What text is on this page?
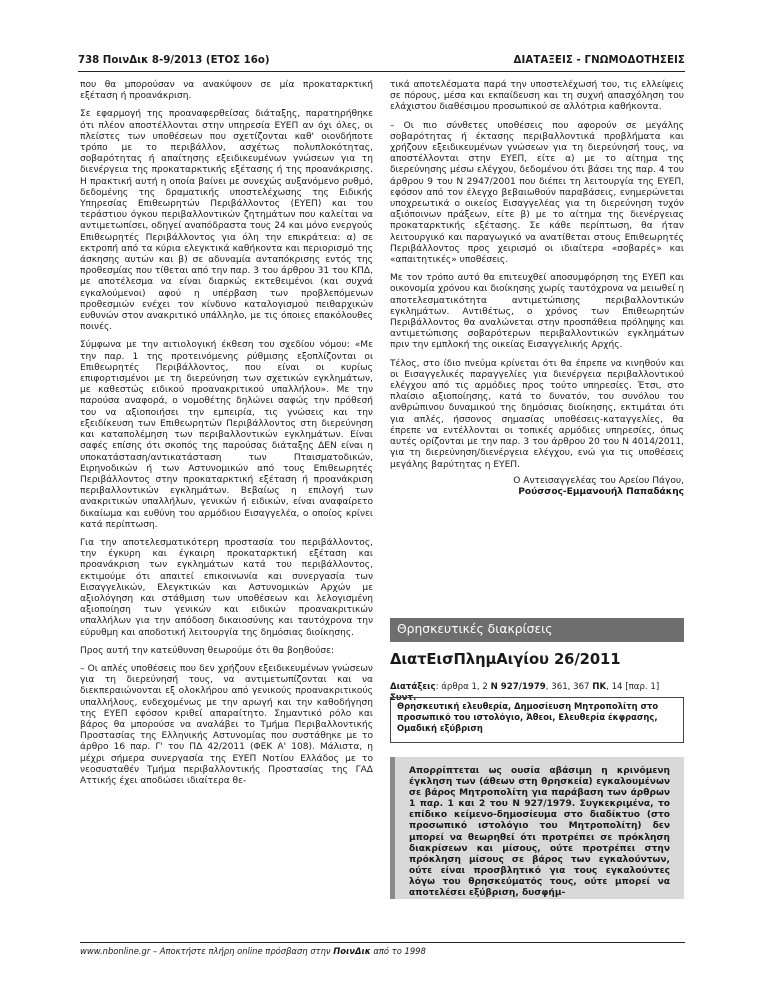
738 ΠοινΔικ 8-9/2013 (ΕΤΟΣ 16ο)	ΔΙΑΤΑΞΕΙΣ - ΓΝΩΜΟΔΟΤΗΣΕΙΣ

που θα μπορούσαν να ανακύψουν σε μία προκαταρκτική εξέταση ή προανάκριση.

Σε εφαρμογή της προαναφερθείσας διάταξης, παρατηρήθηκε ότι πλέον αποστέλλονται στην υπηρεσία ΕΥΕΠ αν όχι όλες, οι πλείστες των υποθέσεων που σχετίζονται καθ' οιονδήποτε τρόπο με το περιβάλλον, ασχέτως πολυπλοκότητας, σοβαρότητας ή απαίτησης εξειδικευμένων γνώσεων για τη διενέργεια της προκαταρκτικής εξέτασης ή της προανάκρισης. Η πρακτική αυτή η οποία βαίνει με συνεχώς αυξανόμενο ρυθμό, δεδομένης της δραματικής υποστελέχωσης της Ειδικής Υπηρεσίας Επιθεωρητών Περιβάλλοντος (ΕΥΕΠ) και του τεράστιου όγκου περιβαλλοντικών ζητημάτων που καλείται να αντιμετωπίσει, οδηγεί αναπόδραστα τους 24 και μόνο ενεργούς Επιθεωρητές Περιβάλλοντος για όλη την επικράτεια: α) σε εκτροπή από τα κύρια ελεγκτικά καθήκοντα και περιορισμό της άσκησης αυτών και β) σε αδυναμία ανταπόκρισης εντός της προθεσμίας που τίθεται από την παρ. 3 του άρθρου 31 του ΚΠΔ, με αποτέλεσμα να είναι διαρκώς εκτεθειμένοι (και συχνά εγκαλούμενοι) αφού η υπέρβαση των προβλεπόμενων προθεσμιών ενέχει τον κίνδυνο καταλογισμού πειθαρχικών ευθυνών στον ανακριτικό υπάλληλο, με τις όποιες επακόλουθες ποινές.

Σύμφωνα με την αιτιολογική έκθεση του σχεδίου νόμου: «Με την παρ. 1 της προτεινόμενης ρύθμισης εξοπλίζονται οι Επιθεωρητές Περιβάλλοντος, που είναι οι κυρίως επιφορτισμένοι με τη διερεύνηση των σχετικών εγκλημάτων, με καθεστώς ειδικού προανακριτικού υπαλλήλου». Με την παρούσα αναφορά, ο νομοθέτης δηλώνει σαφώς την πρόθεσή του να αξιοποιήσει την εμπειρία, τις γνώσεις και την εξειδίκευση των Επιθεωρητών Περιβάλλοντος στη διερεύνηση και καταπολέμηση των περιβαλλοντικών εγκλημάτων. Είναι σαφές επίσης ότι σκοπός της παρούσας διάταξης ΔΕΝ είναι η υποκατάσταση/αντικατάσταση των Πταισματοδικών, Ειρηνοδικών ή των Αστυνομικών από τους Επιθεωρητές Περιβάλλοντος στην προκαταρκτική εξέταση ή προανάκριση περιβαλλοντικών εγκλημάτων. Βεβαίως η επιλογή των ανακριτικών υπαλλήλων, γενικών ή ειδικών, είναι αναφαίρετο δικαίωμα και ευθύνη του αρμόδιου Εισαγγελέα, ο οποίος κρίνει κατά περίπτωση.

Για την αποτελεσματικότερη προστασία του περιβάλλοντος, την έγκυρη και έγκαιρη προκαταρκτική εξέταση και προανάκριση των εγκλημάτων κατά του περιβάλλοντος, εκτιμούμε ότι απαιτεί επικοινωνία και συνεργασία των Εισαγγελικών, Ελεγκτικών και Αστυνομικών Αρχών με αξιολόγηση και στάθμιση των υποθέσεων και λελογισμένη αξιοποίηση των γενικών και ειδικών προανακριτικών υπαλλήλων για την απόδοση δικαιοσύνης και ταυτόχρονα την εύρυθμη και αποδοτική λειτουργία της δημόσιας διοίκησης.

Προς αυτή την κατεύθυνση θεωρούμε ότι θα βοηθούσε:

– Οι απλές υποθέσεις που δεν χρήζουν εξειδικευμένων γνώσεων για τη διερεύνησή τους, να αντιμετωπίζονται και να διεκπεραιώνονται εξ ολοκλήρου από γενικούς προανακριτικούς υπαλλήλους, ενδεχομένως με την αρωγή και την καθοδήγηση της ΕΥΕΠ εφόσον κριθεί απαραίτητο. Σημαντικό ρόλο και βάρος θα μπορούσε να αναλάβει το Τμήμα Περιβαλλοντικής Προστασίας της Ελληνικής Αστυνομίας που συστάθηκε με το άρθρο 16 παρ. Γ' του ΠΔ 42/2011 (ΦΕΚ Α' 108). Μάλιστα, η μέχρι σήμερα συνεργασία της ΕΥΕΠ Νοτίου Ελλάδος με το νεοσυσταθέν Τμήμα περιβαλλοντικής Προστασίας της ΓΑΔ Αττικής έχει αποδώσει ιδιαίτερα θε-

τικά αποτελέσματα παρά την υποστελέχωσή του, τις ελλείψεις σε πόρους, μέσα και εκπαίδευση και τη συχνή απασχόληση του ελάχιστου διαθέσιμου προσωπικού σε αλλότρια καθήκοντα.

– Οι πιο σύνθετες υποθέσεις που αφορούν σε μεγάλης σοβαρότητας ή έκτασης περιβαλλοντικά προβλήματα και χρήζουν εξειδικευμένων γνώσεων για τη διερεύνησή τους, να αποστέλλονται στην ΕΥΕΠ, είτε α) με το αίτημα της διερεύνησης μέσω ελέγχου, δεδομένου ότι βάσει της παρ. 4 του άρθρου 9 του Ν 2947/2001 που διέπει τη λειτουργία της ΕΥΕΠ, εφόσον από τον έλεγχο βεβαιωθούν παραβάσεις, ενημερώνεται υποχρεωτικά ο οικείος Εισαγγελέας για τη διερεύνηση τυχόν αξιόποινων πράξεων, είτε β) με το αίτημα της διενέργειας προκαταρκτικής εξέτασης. Σε κάθε περίπτωση, θα ήταν λειτουργικό και παραγωγικό να ανατίθεται στους Επιθεωρητές Περιβάλλοντος προς χειρισμό οι ιδιαίτερα «σοβαρές» και «απαιτητικές» υποθέσεις.

Με τον τρόπο αυτό θα επιτευχθεί αποσυμφόρηση της ΕΥΕΠ και οικονομία χρόνου και διοίκησης χωρίς ταυτόχρονα να μειωθεί η αποτελεσματικότητα αντιμετώπισης περιβαλλοντικών εγκλημάτων. Αντιθέτως, ο χρόνος των Επιθεωρητών Περιβάλλοντος θα αναλώνεται στην προσπάθεια πρόληψης και αντιμετώπισης σοβαρότερων περιβαλλοντικών εγκλημάτων πριν την εμπλοκή της οικείας Εισαγγελικής Αρχής.

Τέλος, στο ίδιο πνεύμα κρίνεται ότι θα έπρεπε να κινηθούν και οι Εισαγγελικές παραγγελίες για διενέργεια περιβαλλοντικού ελέγχου από τις αρμόδιες προς τούτο υπηρεσίες. Έτσι, στο πλαίσιο αξιοποίησης, κατά το δυνατόν, του συνόλου του ανθρώπινου δυναμικού της δημόσιας διοίκησης, εκτιμάται ότι για απλές, ήσσονος σημασίας υποθέσεις-καταγγελίες, θα έπρεπε να εντέλλονται οι τοπικές αρμόδιες υπηρεσίες, όπως αυτές ορίζονται με την παρ. 3 του άρθρου 20 του Ν 4014/2011, για τη διερεύνηση/διενέργεια ελέγχου, ενώ για τις υποθέσεις μεγάλης βαρύτητας η ΕΥΕΠ.

Ο Αντεισαγγελέας του Αρείου Πάγου,
Ρούσσος-Εμμανουήλ Παπαδάκης
Θρησκευτικές διακρίσεις
ΔιατΕισΠλημΑιγίου 26/2011
Διατάξεις: άρθρα 1, 2 Ν 927/1979, 361, 367 ΠΚ, 14 [παρ. 1] Συντ.
Θρησκευτική ελευθερία, Δημοσίευση Μητροπολίτη στο προσωπικό του ιστολόγιο, Άθεοι, Ελευθερία έκφρασης, Ομαδική εξύβριση
Απορρίπτεται ως ουσία αβάσιμη η κρινόμενη έγκληση των (άθεων στη θρησκεία) εγκαλουμένων σε βάρος Μητροπολίτη για παράβαση των άρθρων 1 παρ. 1 και 2 του Ν 927/1979. Συγκεκριμένα, το επίδικο κείμενο-δημοσίευμα στο διαδίκτυο (στο προσωπικό ιστολόγιο του Μητροπολίτη) δεν μπορεί να θεωρηθεί ότι προτρέπει σε πρόκληση διακρίσεων και μίσους, ούτε προτρέπει στην πρόκληση μίσους σε βάρος των εγκαλούντων, ούτε είναι προσβλητικό για τους εγκαλούντες λόγω του θρησκεύματός τους, ούτε μπορεί να αποτελέσει εξύβριση, δυσφήμ-
www.nbonline.gr – Αποκτήστε πλήρη online πρόσβαση στην ΠοινΔικ από το 1998
